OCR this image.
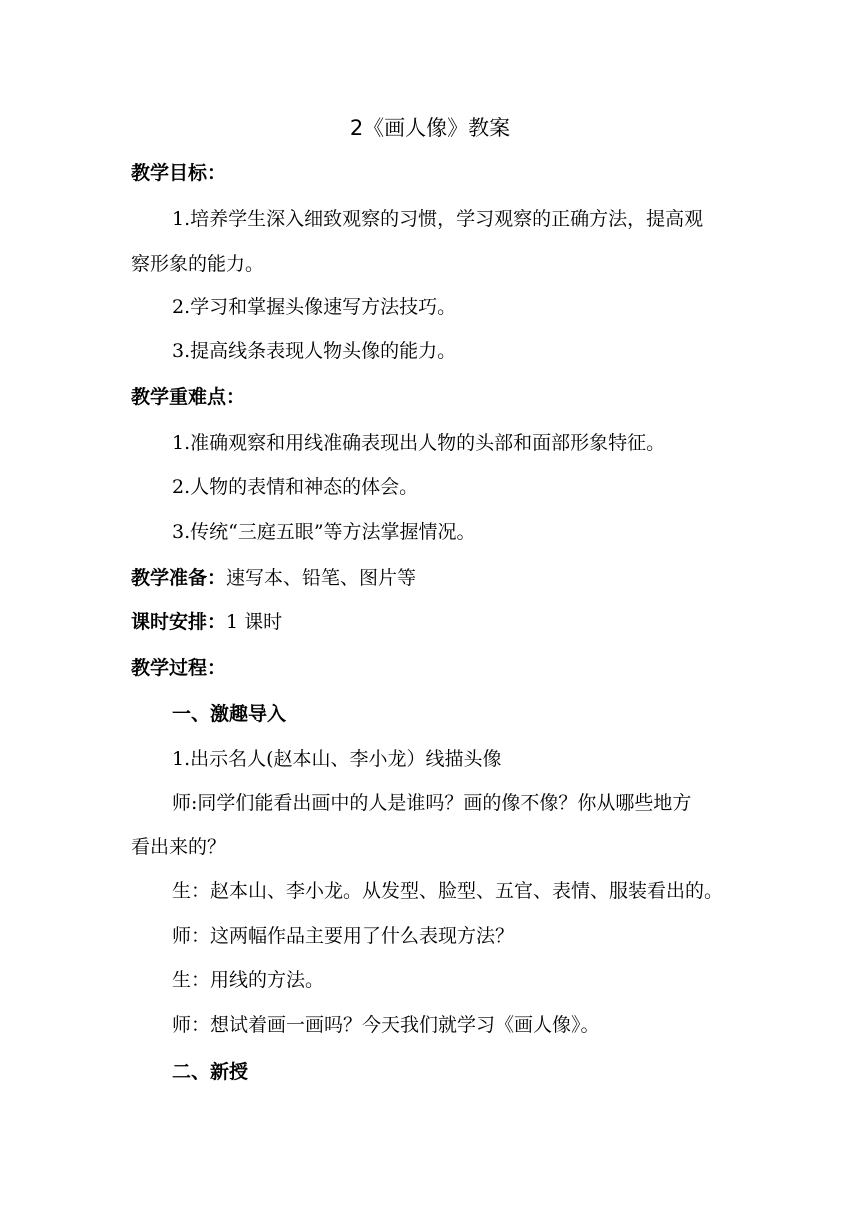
2《画人像》教案
教学目标：
1.培养学生深入细致观察的习惯，学习观察的正确方法，提高观
察形象的能力。
2.学习和掌握头像速写方法技巧。
3.提高线条表现人物头像的能力。
教学重难点：
1.准确观察和用线准确表现出人物的头部和面部形象特征。
2.人物的表情和神态的体会。
3.传统“三庭五眼”等方法掌握情况。
教学准备：速写本、铅笔、图片等
课时安排：1 课时
教学过程：
一、激趣导入
1.出示名人(赵本山、李小龙）线描头像
师:同学们能看出画中的人是谁吗？画的像不像？你从哪些地方
看出来的？
生：赵本山、李小龙。从发型、脸型、五官、表情、服装看出的。
师：这两幅作品主要用了什么表现方法？
生：用线的方法。
师：想试着画一画吗？今天我们就学习《画人像》。
二、新授
